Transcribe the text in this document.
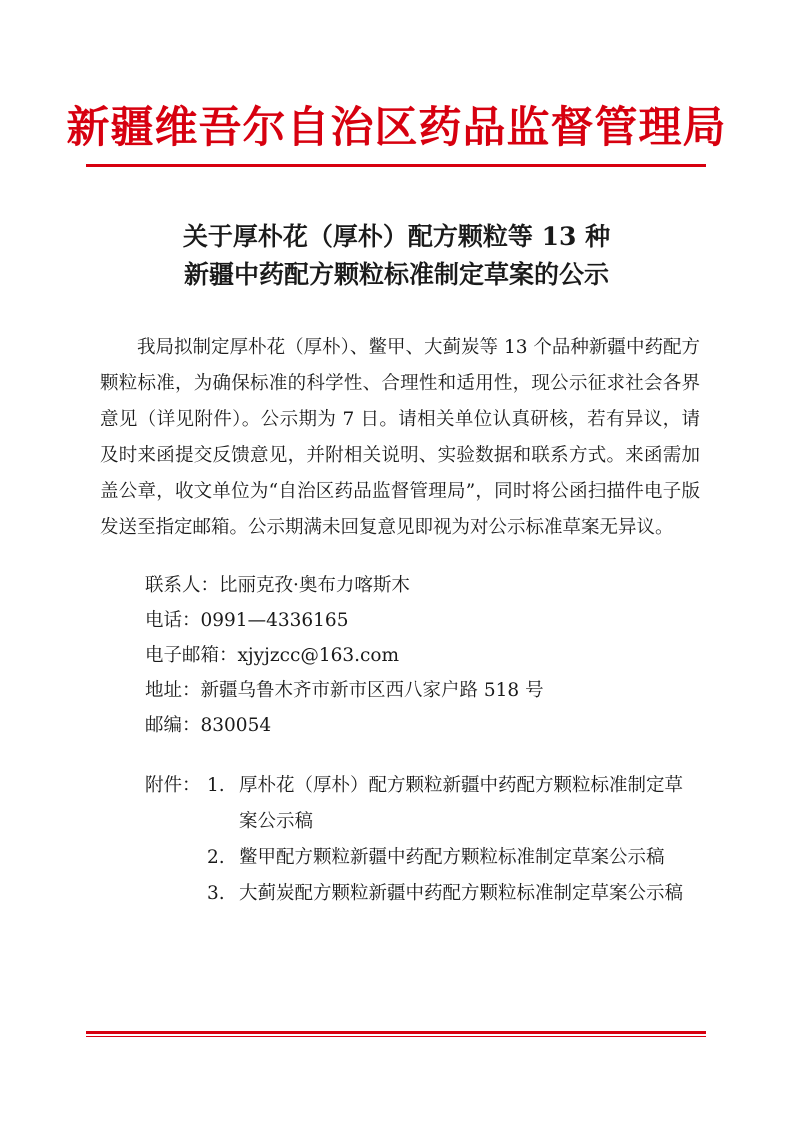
新疆维吾尔自治区药品监督管理局
关于厚朴花（厚朴）配方颗粒等 13 种
新疆中药配方颗粒标准制定草案的公示

我局拟制定厚朴花（厚朴）、鳖甲、大蓟炭等 13 个品种新疆中药配方颗粒标准，为确保标准的科学性、合理性和适用性，现公示征求社会各界意见（详见附件）。公示期为 7 日。请相关单位认真研核，若有异议，请及时来函提交反馈意见，并附相关说明、实验数据和联系方式。来函需加盖公章，收文单位为“自治区药品监督管理局”，同时将公函扫描件电子版发送至指定邮箱。公示期满未回复意见即视为对公示标准草案无异议。

联系人：比丽克孜·奥布力喀斯木
电话：0991—4336165
电子邮箱：xjyjzcc@163.com
地址：新疆乌鲁木齐市新市区西八家户路 518 号
邮编：830054
附件： 1. 厚朴花（厚朴）配方颗粒新疆中药配方颗粒标准制定草案公示稿
2. 鳖甲配方颗粒新疆中药配方颗粒标准制定草案公示稿
3. 大蓟炭配方颗粒新疆中药配方颗粒标准制定草案公示稿
